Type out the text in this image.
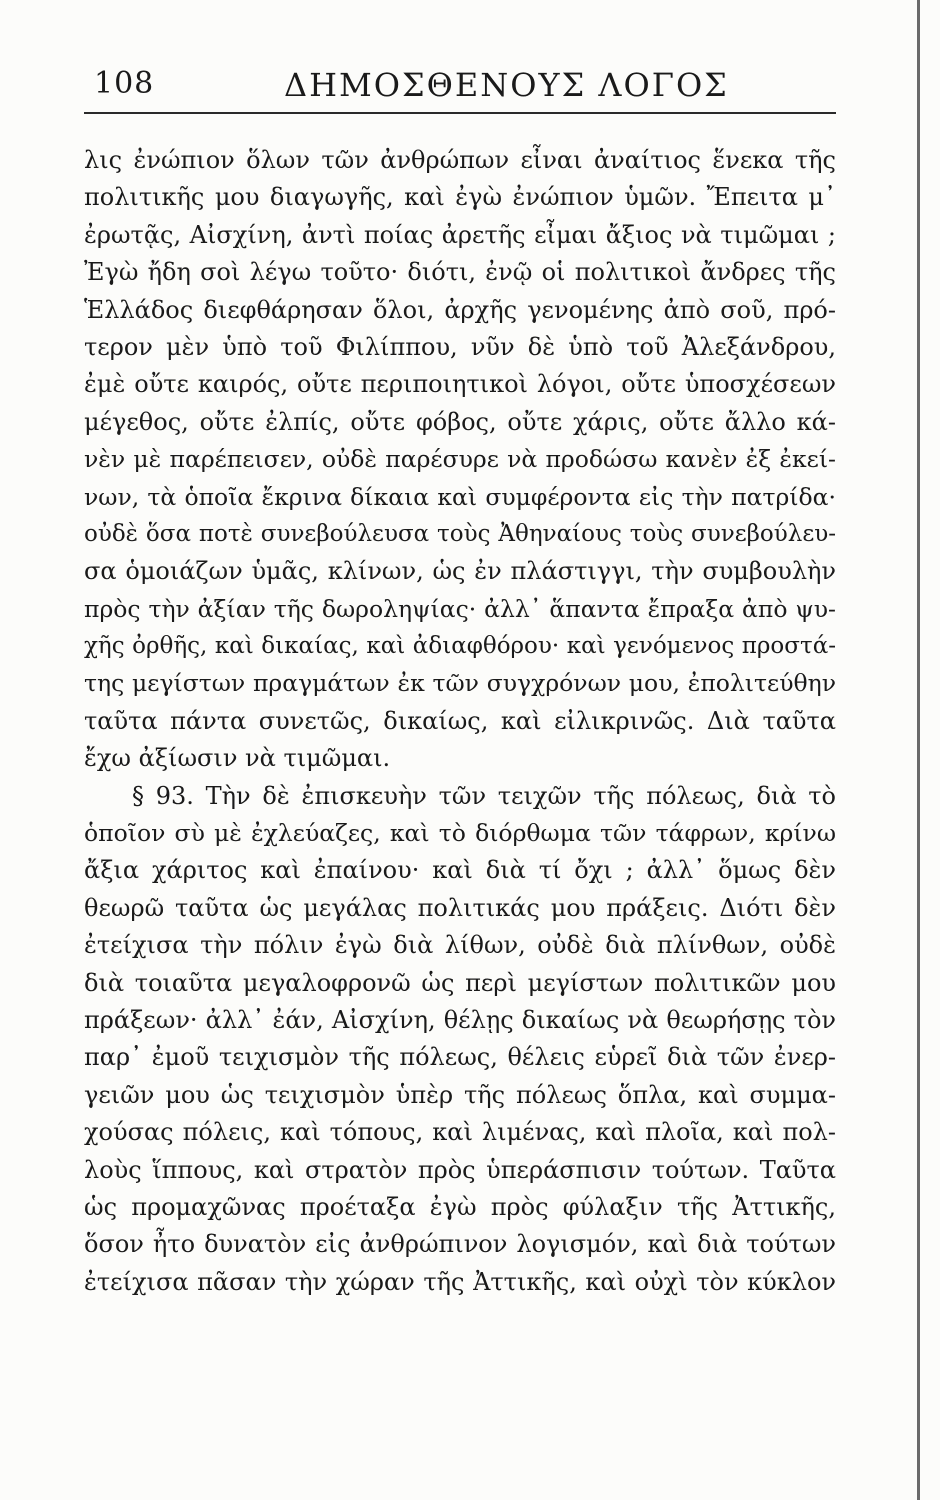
108	ΔΗΜΟΣΘΕΝΟΥΣ ΛΟΓΟΣ
λις ἐνώπιον ὅλων τῶν ἀνθρώπων εἶναι ἀναίτιος ἕνεκα τῆς
πολιτικῆς μου διαγωγῆς, καὶ ἐγὼ ἐνώπιον ὑμῶν. Ἔπειτα μ᾽
ἐρωτᾷς, Αἰσχίνη, ἀντὶ ποίας ἀρετῆς εἶμαι ἄξιος νὰ τιμῶμαι ;
Ἐγὼ ἤδη σοὶ λέγω τοῦτο· διότι, ἐνῷ οἱ πολιτικοὶ ἄνδρες τῆς
Ἑλλάδος διεφθάρησαν ὅλοι, ἀρχῆς γενομένης ἀπὸ σοῦ, πρό-
τερον μὲν ὑπὸ τοῦ Φιλίππου, νῦν δὲ ὑπὸ τοῦ Ἀλεξάνδρου,
ἐμὲ οὔτε καιρός, οὔτε περιποιητικοὶ λόγοι, οὔτε ὑποσχέσεων
μέγεθος, οὔτε ἐλπίς, οὔτε φόβος, οὔτε χάρις, οὔτε ἄλλο κά-
νὲν μὲ παρέπεισεν, οὐδὲ παρέσυρε νὰ προδώσω κανὲν ἐξ ἐκεί-
νων, τὰ ὁποῖα ἔκρινα δίκαια καὶ συμφέροντα εἰς τὴν πατρίδα·
οὐδὲ ὅσα ποτὲ συνεβούλευσα τοὺς Ἀθηναίους τοὺς συνεβούλευ-
σα ὁμοιάζων ὑμᾶς, κλίνων, ὡς ἐν πλάστιγγι, τὴν συμβουλὴν
πρὸς τὴν ἀξίαν τῆς δωροληψίας· ἀλλ᾽ ἅπαντα ἔπραξα ἀπὸ ψυ-
χῆς ὀρθῆς, καὶ δικαίας, καὶ ἀδιαφθόρου· καὶ γενόμενος προστά-
της μεγίστων πραγμάτων ἐκ τῶν συγχρόνων μου, ἐπολιτεύθην
ταῦτα πάντα συνετῶς, δικαίως, καὶ εἰλικρινῶς. Διὰ ταῦτα
ἔχω ἀξίωσιν νὰ τιμῶμαι.
§ 93. Τὴν δὲ ἐπισκευὴν τῶν τειχῶν τῆς πόλεως, διὰ τὸ
ὁποῖον σὺ μὲ ἐχλεύαζες, καὶ τὸ διόρθωμα τῶν τάφρων, κρίνω
ἄξια χάριτος καὶ ἐπαίνου· καὶ διὰ τί ὄχι ; ἀλλ᾽ ὅμως δὲν
θεωρῶ ταῦτα ὡς μεγάλας πολιτικάς μου πράξεις. Διότι δὲν
ἐτείχισα τὴν πόλιν ἐγὼ διὰ λίθων, οὐδὲ διὰ πλίνθων, οὐδὲ
διὰ τοιαῦτα μεγαλοφρονῶ ὡς περὶ μεγίστων πολιτικῶν μου
πράξεων· ἀλλ᾽ ἐάν, Αἰσχίνη, θέλῃς δικαίως νὰ θεωρήσῃς τὸν
παρ᾽ ἐμοῦ τειχισμὸν τῆς πόλεως, θέλεις εὑρεῖ διὰ τῶν ἐνερ-
γειῶν μου ὡς τειχισμὸν ὑπὲρ τῆς πόλεως ὅπλα, καὶ συμμα-
χούσας πόλεις, καὶ τόπους, καὶ λιμένας, καὶ πλοῖα, καὶ πολ-
λοὺς ἵππους, καὶ στρατὸν πρὸς ὑπεράσπισιν τούτων. Ταῦτα
ὡς προμαχῶνας προέταξα ἐγὼ πρὸς φύλαξιν τῆς Ἀττικῆς,
ὅσον ἦτο δυνατὸν εἰς ἀνθρώπινον λογισμόν, καὶ διὰ τούτων
ἐτείχισα πᾶσαν τὴν χώραν τῆς Ἀττικῆς, καὶ οὐχὶ τὸν κύκλον
